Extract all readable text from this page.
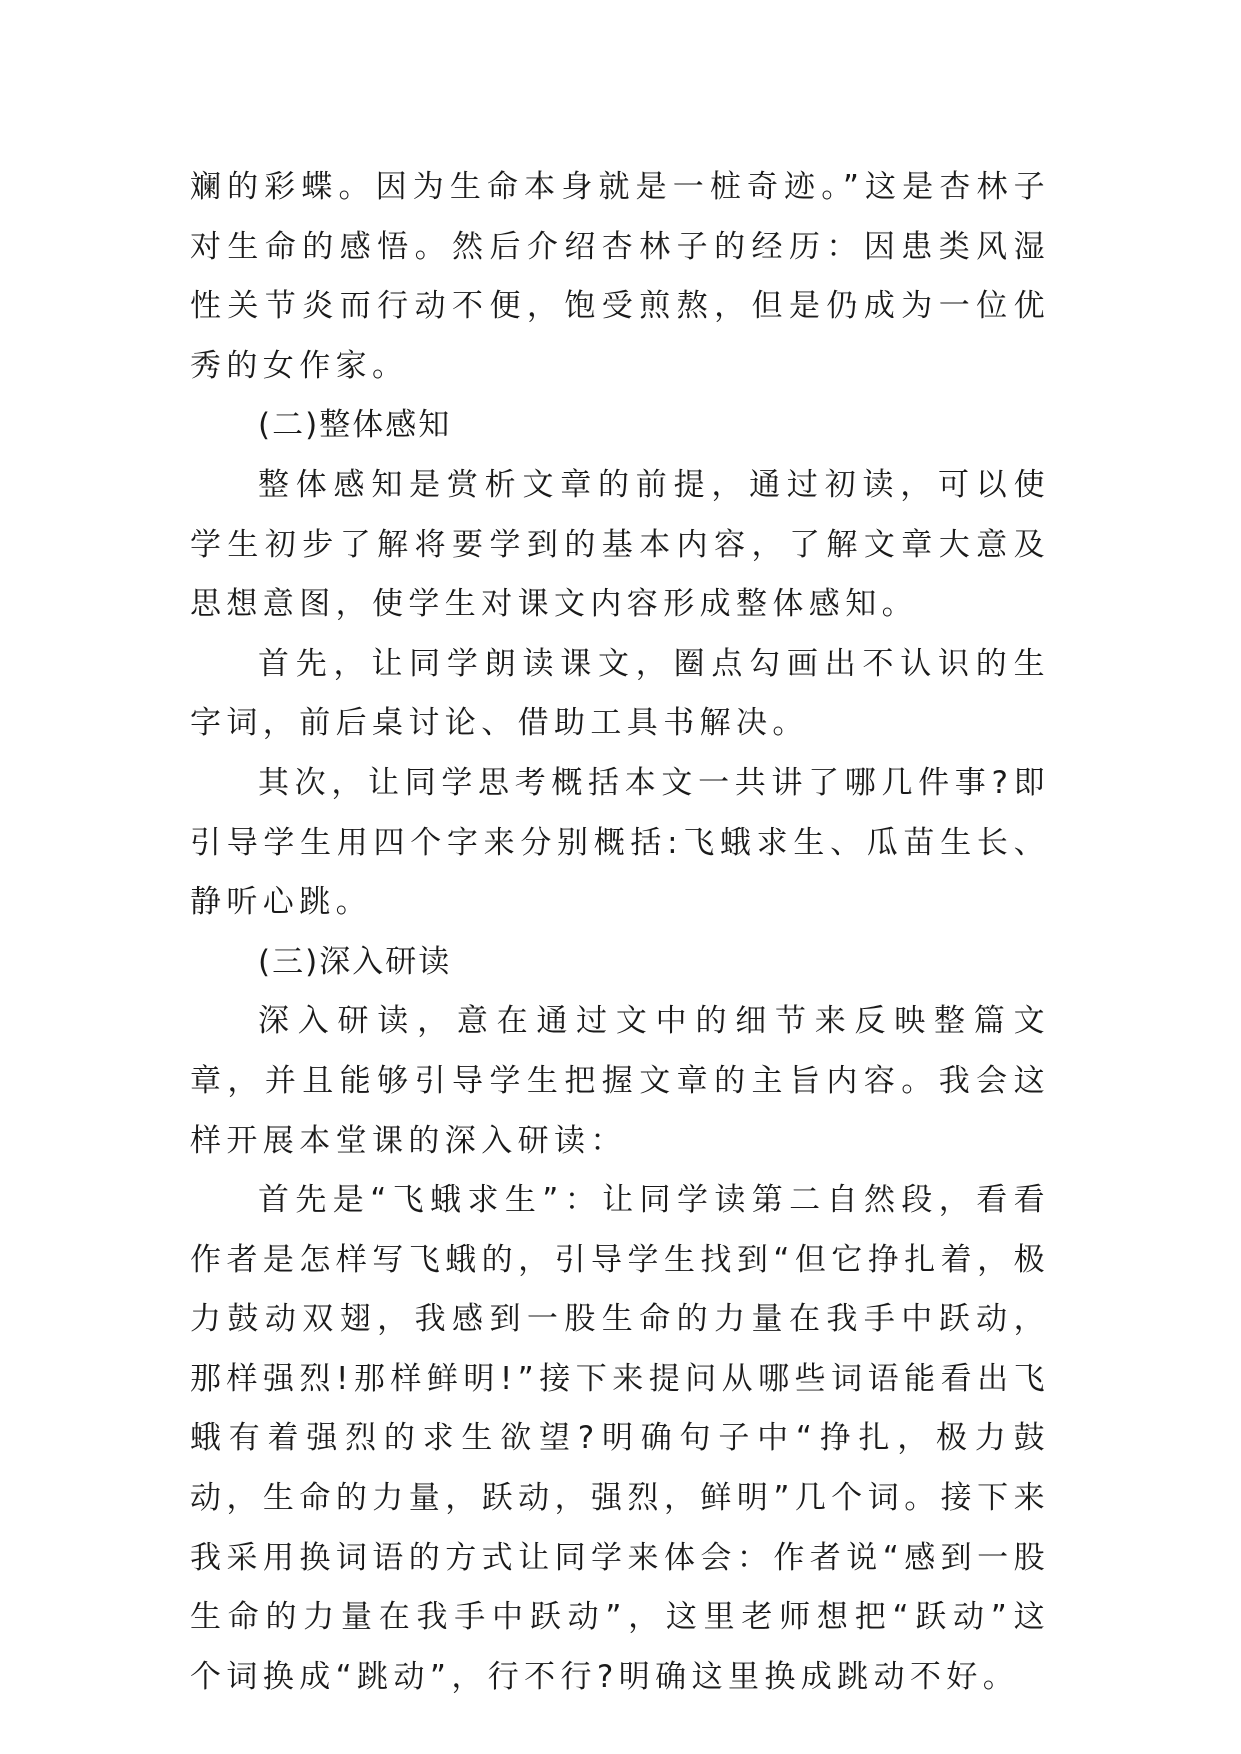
斓的彩蝶。因为生命本身就是一桩奇迹。”这是杏林子对生命的感悟。然后介绍杏林子的经历：因患类风湿性关节炎而行动不便，饱受煎熬，但是仍成为一位优秀的女作家。

(二)整体感知

整体感知是赏析文章的前提，通过初读，可以使学生初步了解将要学到的基本内容，了解文章大意及思想意图，使学生对课文内容形成整体感知。

首先，让同学朗读课文，圈点勾画出不认识的生字词，前后桌讨论、借助工具书解决。

其次，让同学思考概括本文一共讲了哪几件事?即引导学生用四个字来分别概括:飞蛾求生、瓜苗生长、静听心跳。

(三)深入研读

深入研读，意在通过文中的细节来反映整篇文章，并且能够引导学生把握文章的主旨内容。我会这样开展本堂课的深入研读：

首先是“飞蛾求生”：让同学读第二自然段，看看作者是怎样写飞蛾的，引导学生找到“但它挣扎着，极力鼓动双翅，我感到一股生命的力量在我手中跃动，那样强烈!那样鲜明!”接下来提问从哪些词语能看出飞蛾有着强烈的求生欲望?明确句子中“挣扎，极力鼓动，生命的力量，跃动，强烈，鲜明”几个词。接下来我采用换词语的方式让同学来体会：作者说“感到一股生命的力量在我手中跃动”，这里老师想把“跃动”这个词换成“跳动”，行不行?明确这里换成跳动不好。
